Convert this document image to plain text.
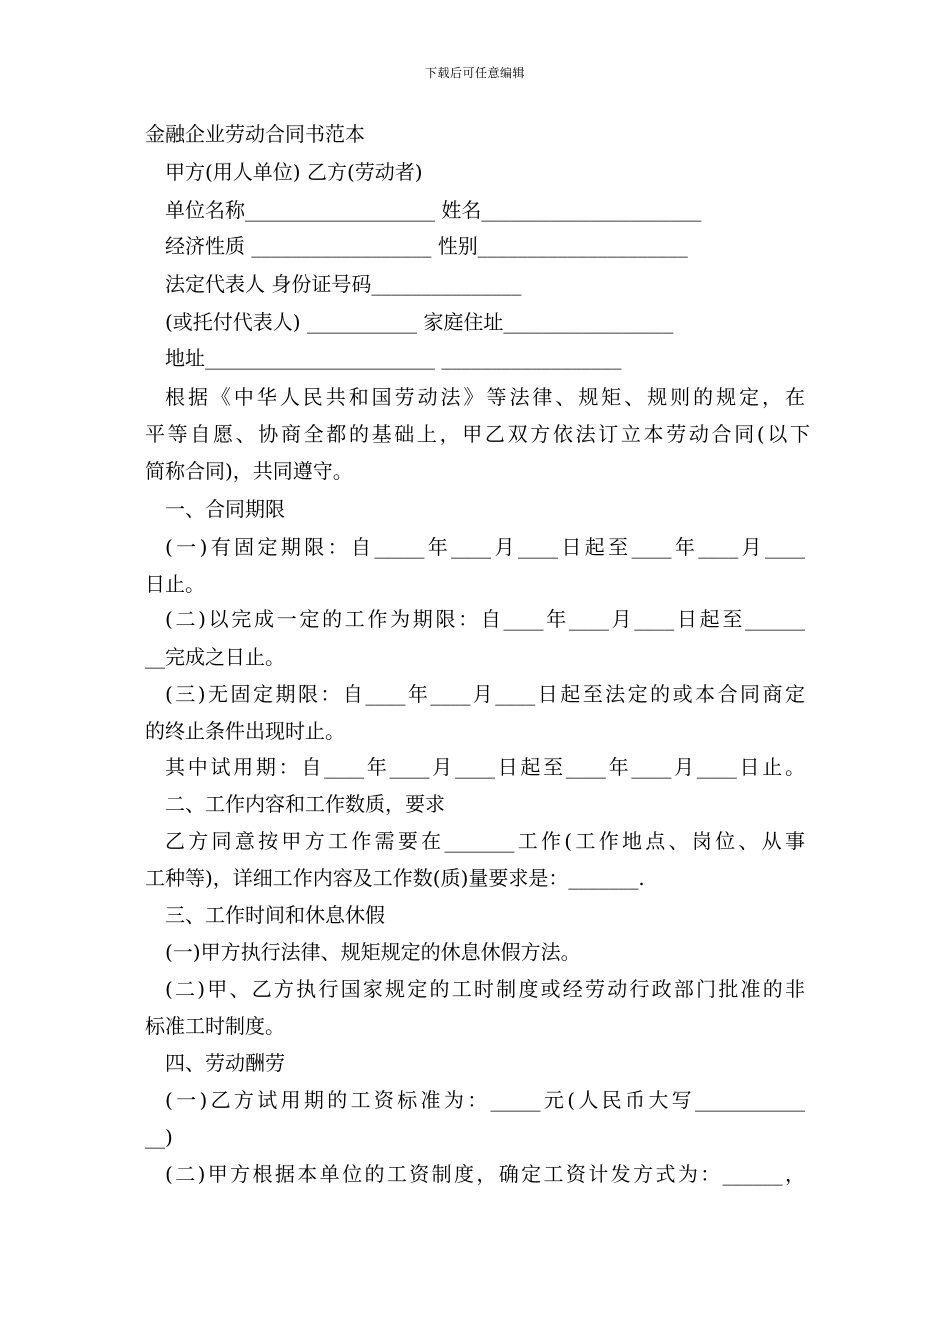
下载后可任意编辑
金融企业劳动合同书范本
甲方(用人单位) 乙方(劳动者)
单位名称___________________ 姓名______________________
经济性质 __________________ 性别_____________________
法定代表人 身份证号码_______________
(或托付代表人) ___________ 家庭住址_________________
地址_______________________ __________________
根据《中华人民共和国劳动法》等法律、规矩、规则的规定，在
平等自愿、协商全都的基础上，甲乙双方依法订立本劳动合同(以下
简称合同)，共同遵守。
一、合同期限
(一)有固定期限：自_____年____月____日起至____年____月____
日止。
(二)以完成一定的工作为期限：自____年____月____日起至______
__完成之日止。
(三)无固定期限：自____年____月____日起至法定的或本合同商定
的终止条件出现时止。
其中试用期：自____年____月____日起至____年____月____日止。
二、工作内容和工作数质，要求
乙方同意按甲方工作需要在_______工作(工作地点、岗位、从事
工种等)，详细工作内容及工作数(质)量要求是：_______.
三、工作时间和休息休假
(一)甲方执行法律、规矩规定的休息休假方法。
(二)甲、乙方执行国家规定的工时制度或经劳动行政部门批准的非
标准工时制度。
四、劳动酬劳
(一)乙方试用期的工资标准为：_____元(人民币大写___________
__)
(二)甲方根据本单位的工资制度，确定工资计发方式为：______，
